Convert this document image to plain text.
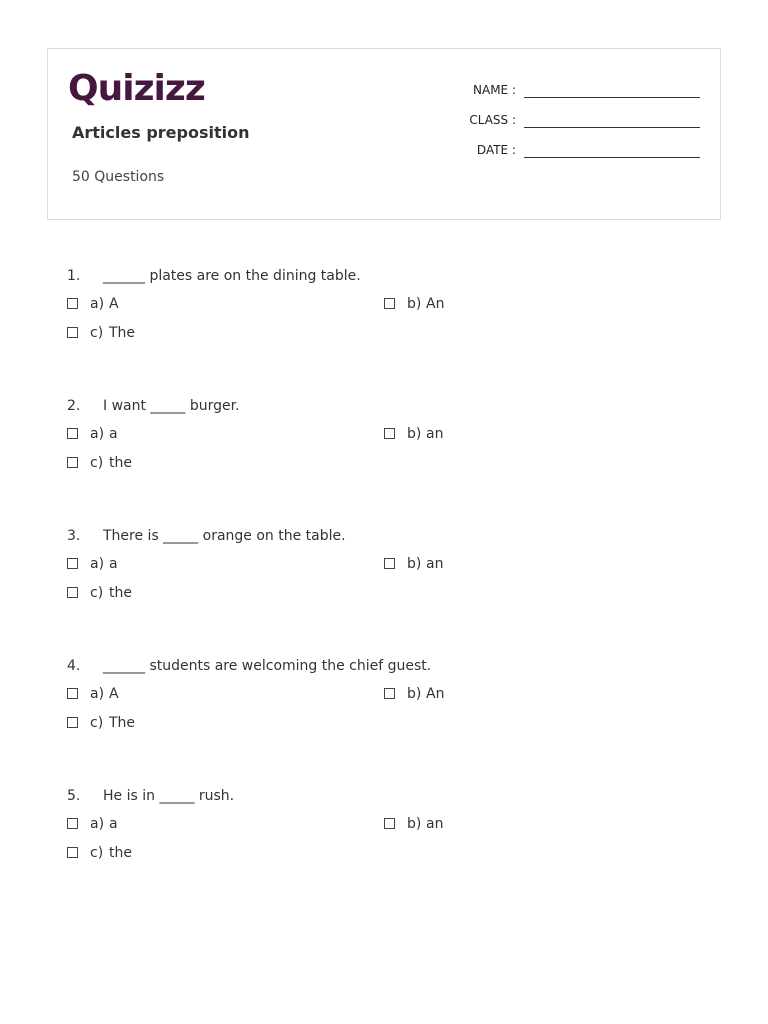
Quizizz
Articles preposition
50 Questions
NAME :
CLASS :
DATE :
1. ______ plates are on the dining table.
a) A	b) An
c) The
2. I want _____ burger.
a) a	b) an
c) the
3. There is _____ orange on the table.
a) a	b) an
c) the
4. ______ students are welcoming the chief guest.
a) A	b) An
c) The
5. He is in _____ rush.
a) a	b) an
c) the
